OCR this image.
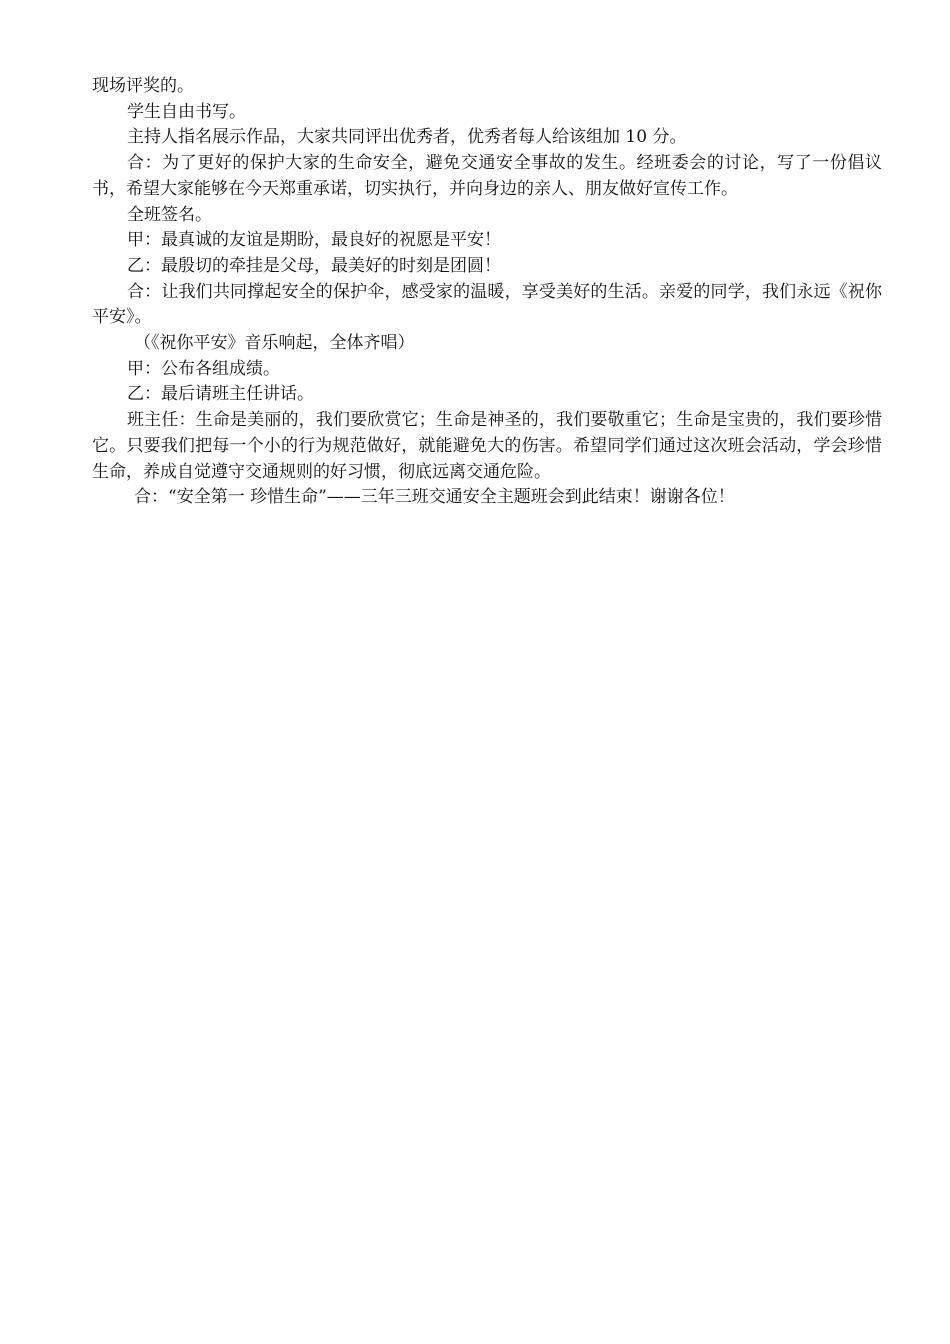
现场评奖的。

学生自由书写。

主持人指名展示作品，大家共同评出优秀者，优秀者每人给该组加 10 分。

合：为了更好的保护大家的生命安全，避免交通安全事故的发生。经班委会的讨论，写了一份倡议书，希望大家能够在今天郑重承诺，切实执行，并向身边的亲人、朋友做好宣传工作。

全班签名。

甲：最真诚的友谊是期盼，最良好的祝愿是平安！

乙：最殷切的牵挂是父母，最美好的时刻是团圆！

合：让我们共同撑起安全的保护伞，感受家的温暖，享受美好的生活。亲爱的同学，我们永远《祝你平安》。

（《祝你平安》音乐响起，全体齐唱）

甲：公布各组成绩。

乙：最后请班主任讲话。

班主任：生命是美丽的，我们要欣赏它；生命是神圣的，我们要敬重它；生命是宝贵的，我们要珍惜它。只要我们把每一个小的行为规范做好，就能避免大的伤害。希望同学们通过这次班会活动，学会珍惜生命，养成自觉遵守交通规则的好习惯，彻底远离交通危险。

合：“安全第一 珍惜生命”——三年三班交通安全主题班会到此结束！谢谢各位！
